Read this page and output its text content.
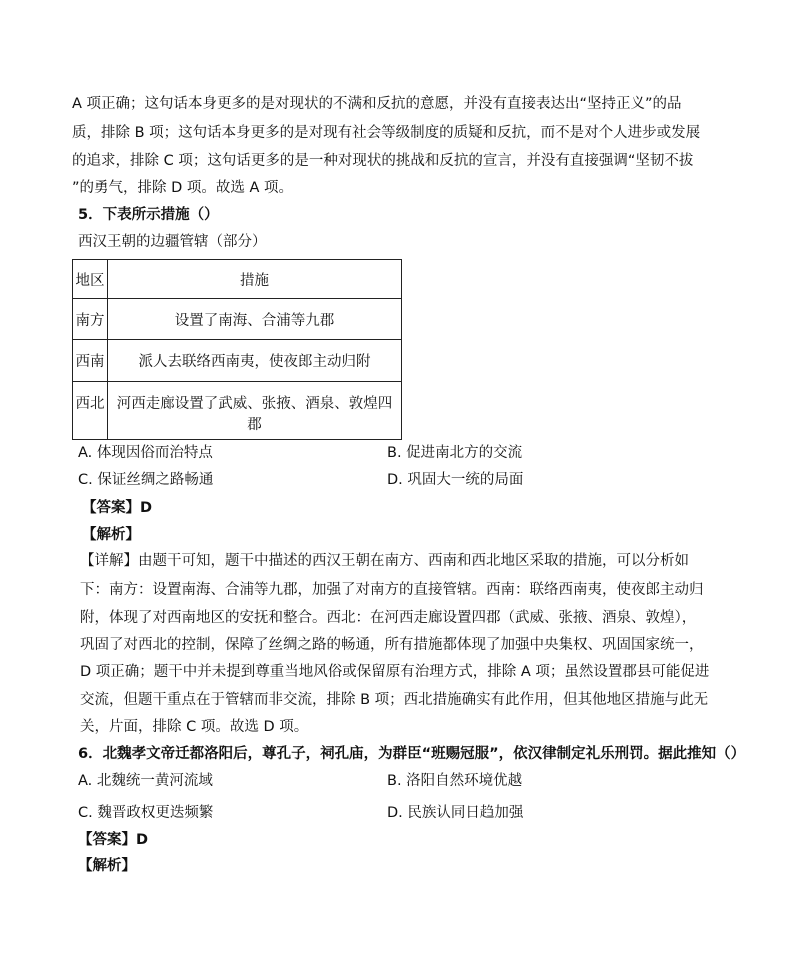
A 项正确；这句话本身更多的是对现状的不满和反抗的意愿，并没有直接表达出“坚持正义”的品
质，排除 B 项；这句话本身更多的是对现有社会等级制度的质疑和反抗，而不是对个人进步或发展
的追求，排除 C 项；这句话更多的是一种对现状的挑战和反抗的宣言，并没有直接强调“坚韧不拔
”的勇气，排除 D 项。故选 A 项。
5．下表所示措施（）
西汉王朝的边疆管辖（部分）
地区	措施
南方	设置了南海、合浦等九郡
西南	派人去联络西南夷，使夜郎主动归附
西北	河西走廊设置了武威、张掖、酒泉、敦煌四郡
A. 体现因俗而治特点	B. 促进南北方的交流
C. 保证丝绸之路畅通	D. 巩固大一统的局面
【答案】D
【解析】
【详解】由题干可知，题干中描述的西汉王朝在南方、西南和西北地区采取的措施，可以分析如
下：南方：设置南海、合浦等九郡，加强了对南方的直接管辖。西南：联络西南夷，使夜郎主动归
附，体现了对西南地区的安抚和整合。西北：在河西走廊设置四郡（武威、张掖、酒泉、敦煌），
巩固了对西北的控制，保障了丝绸之路的畅通，所有措施都体现了加强中央集权、巩固国家统一，
D 项正确；题干中并未提到尊重当地风俗或保留原有治理方式，排除 A 项；虽然设置郡县可能促进
交流，但题干重点在于管辖而非交流，排除 B 项；西北措施确实有此作用，但其他地区措施与此无
关，片面，排除 C 项。故选 D 项。
6．北魏孝文帝迁都洛阳后，尊孔子，祠孔庙，为群臣“班赐冠服”，依汉律制定礼乐刑罚。据此推知（）
A. 北魏统一黄河流域	B. 洛阳自然环境优越
C. 魏晋政权更迭频繁	D. 民族认同日趋加强
【答案】D
【解析】
